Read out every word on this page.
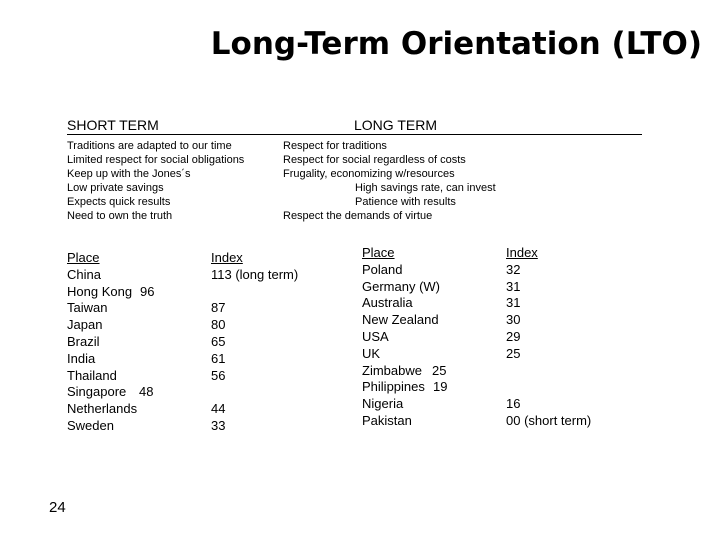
Long-Term Orientation (LTO)
SHORT TERM	LONG TERM
Traditions are adapted to our time	Respect for traditions
Limited respect for social obligations	Respect for social regardless of costs
Keep up with the Jones´s	Frugality, economizing w/resources
Low private savings	High savings rate, can invest
Expects quick results	Patience with results
Need to own the truth	Respect the demands of virtue
Place	Index
China	113 (long term)
Hong Kong 96
Taiwan	87
Japan	80
Brazil	65
India	61
Thailand	56
Singapore 48
Netherlands	44
Sweden	33
Place	Index
Poland	32
Germany (W)	31
Australia	31
New Zealand	30
USA	29
UK	25
Zimbabwe 25
Philippines 19
Nigeria	16
Pakistan	00 (short term)
24
